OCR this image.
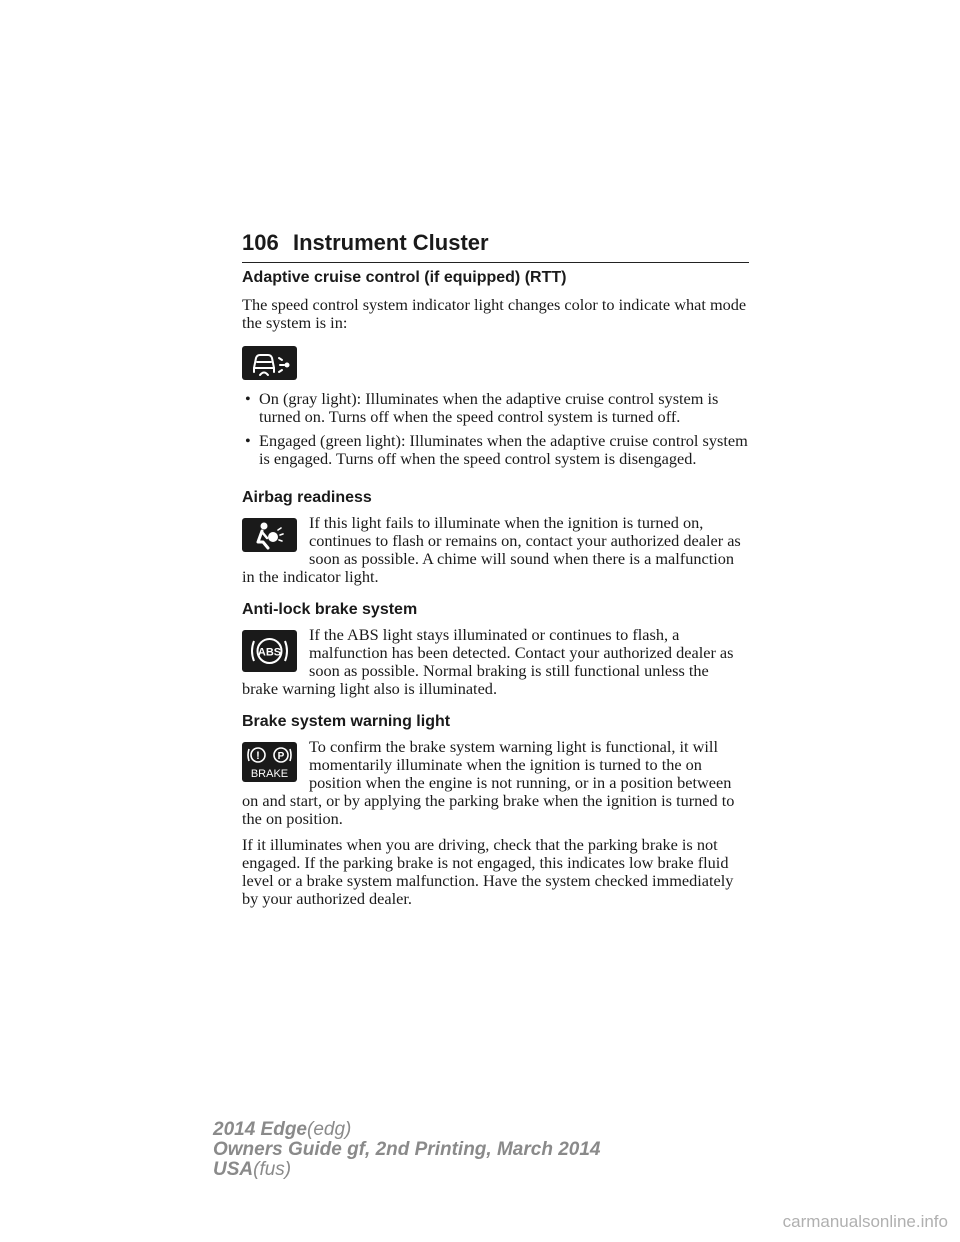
106 Instrument Cluster
Adaptive cruise control (if equipped) (RTT)

The speed control system indicator light changes color to indicate what mode the system is in:

• On (gray light): Illuminates when the adaptive cruise control system is turned on. Turns off when the speed control system is turned off.
• Engaged (green light): Illuminates when the adaptive cruise control system is engaged. Turns off when the speed control system is disengaged.
Airbag readiness

If this light fails to illuminate when the ignition is turned on, continues to flash or remains on, contact your authorized dealer as soon as possible. A chime will sound when there is a malfunction in the indicator light.

Anti-lock brake system
ABS

If the ABS light stays illuminated or continues to flash, a malfunction has been detected. Contact your authorized dealer as soon as possible. Normal braking is still functional unless the brake warning light also is illuminated.

Brake system warning light
! P
BRAKE

To confirm the brake system warning light is functional, it will momentarily illuminate when the ignition is turned to the on position when the engine is not running, or in a position between on and start, or by applying the parking brake when the ignition is turned to the on position.

If it illuminates when you are driving, check that the parking brake is not engaged. If the parking brake is not engaged, this indicates low brake fluid level or a brake system malfunction. Have the system checked immediately by your authorized dealer.

2014 Edge(edg)
Owners Guide gf, 2nd Printing, March 2014
USA(fus)
carmanualsonline.info
